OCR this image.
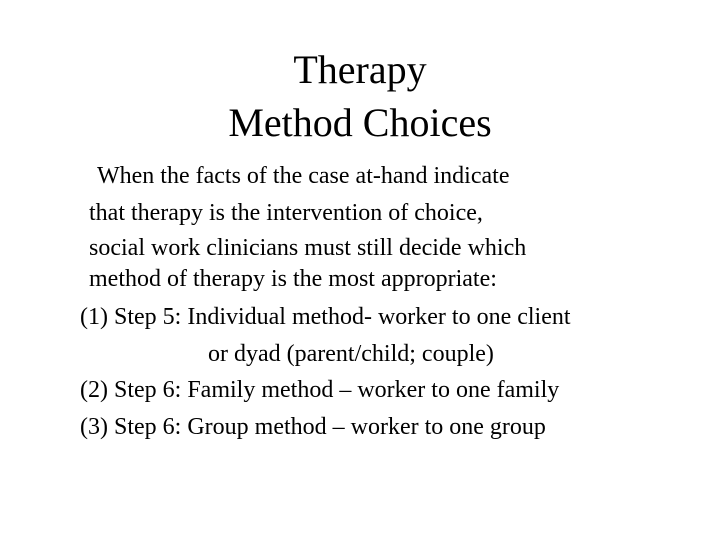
Therapy
Method Choices
When the facts of the case at-hand indicate
that therapy is the intervention of choice,
social work clinicians must still decide which
method of therapy is the most appropriate:
(1) Step 5: Individual method- worker to one client
or dyad (parent/child; couple)
(2) Step 6: Family method – worker to one family
(3) Step 6: Group method – worker to one group
